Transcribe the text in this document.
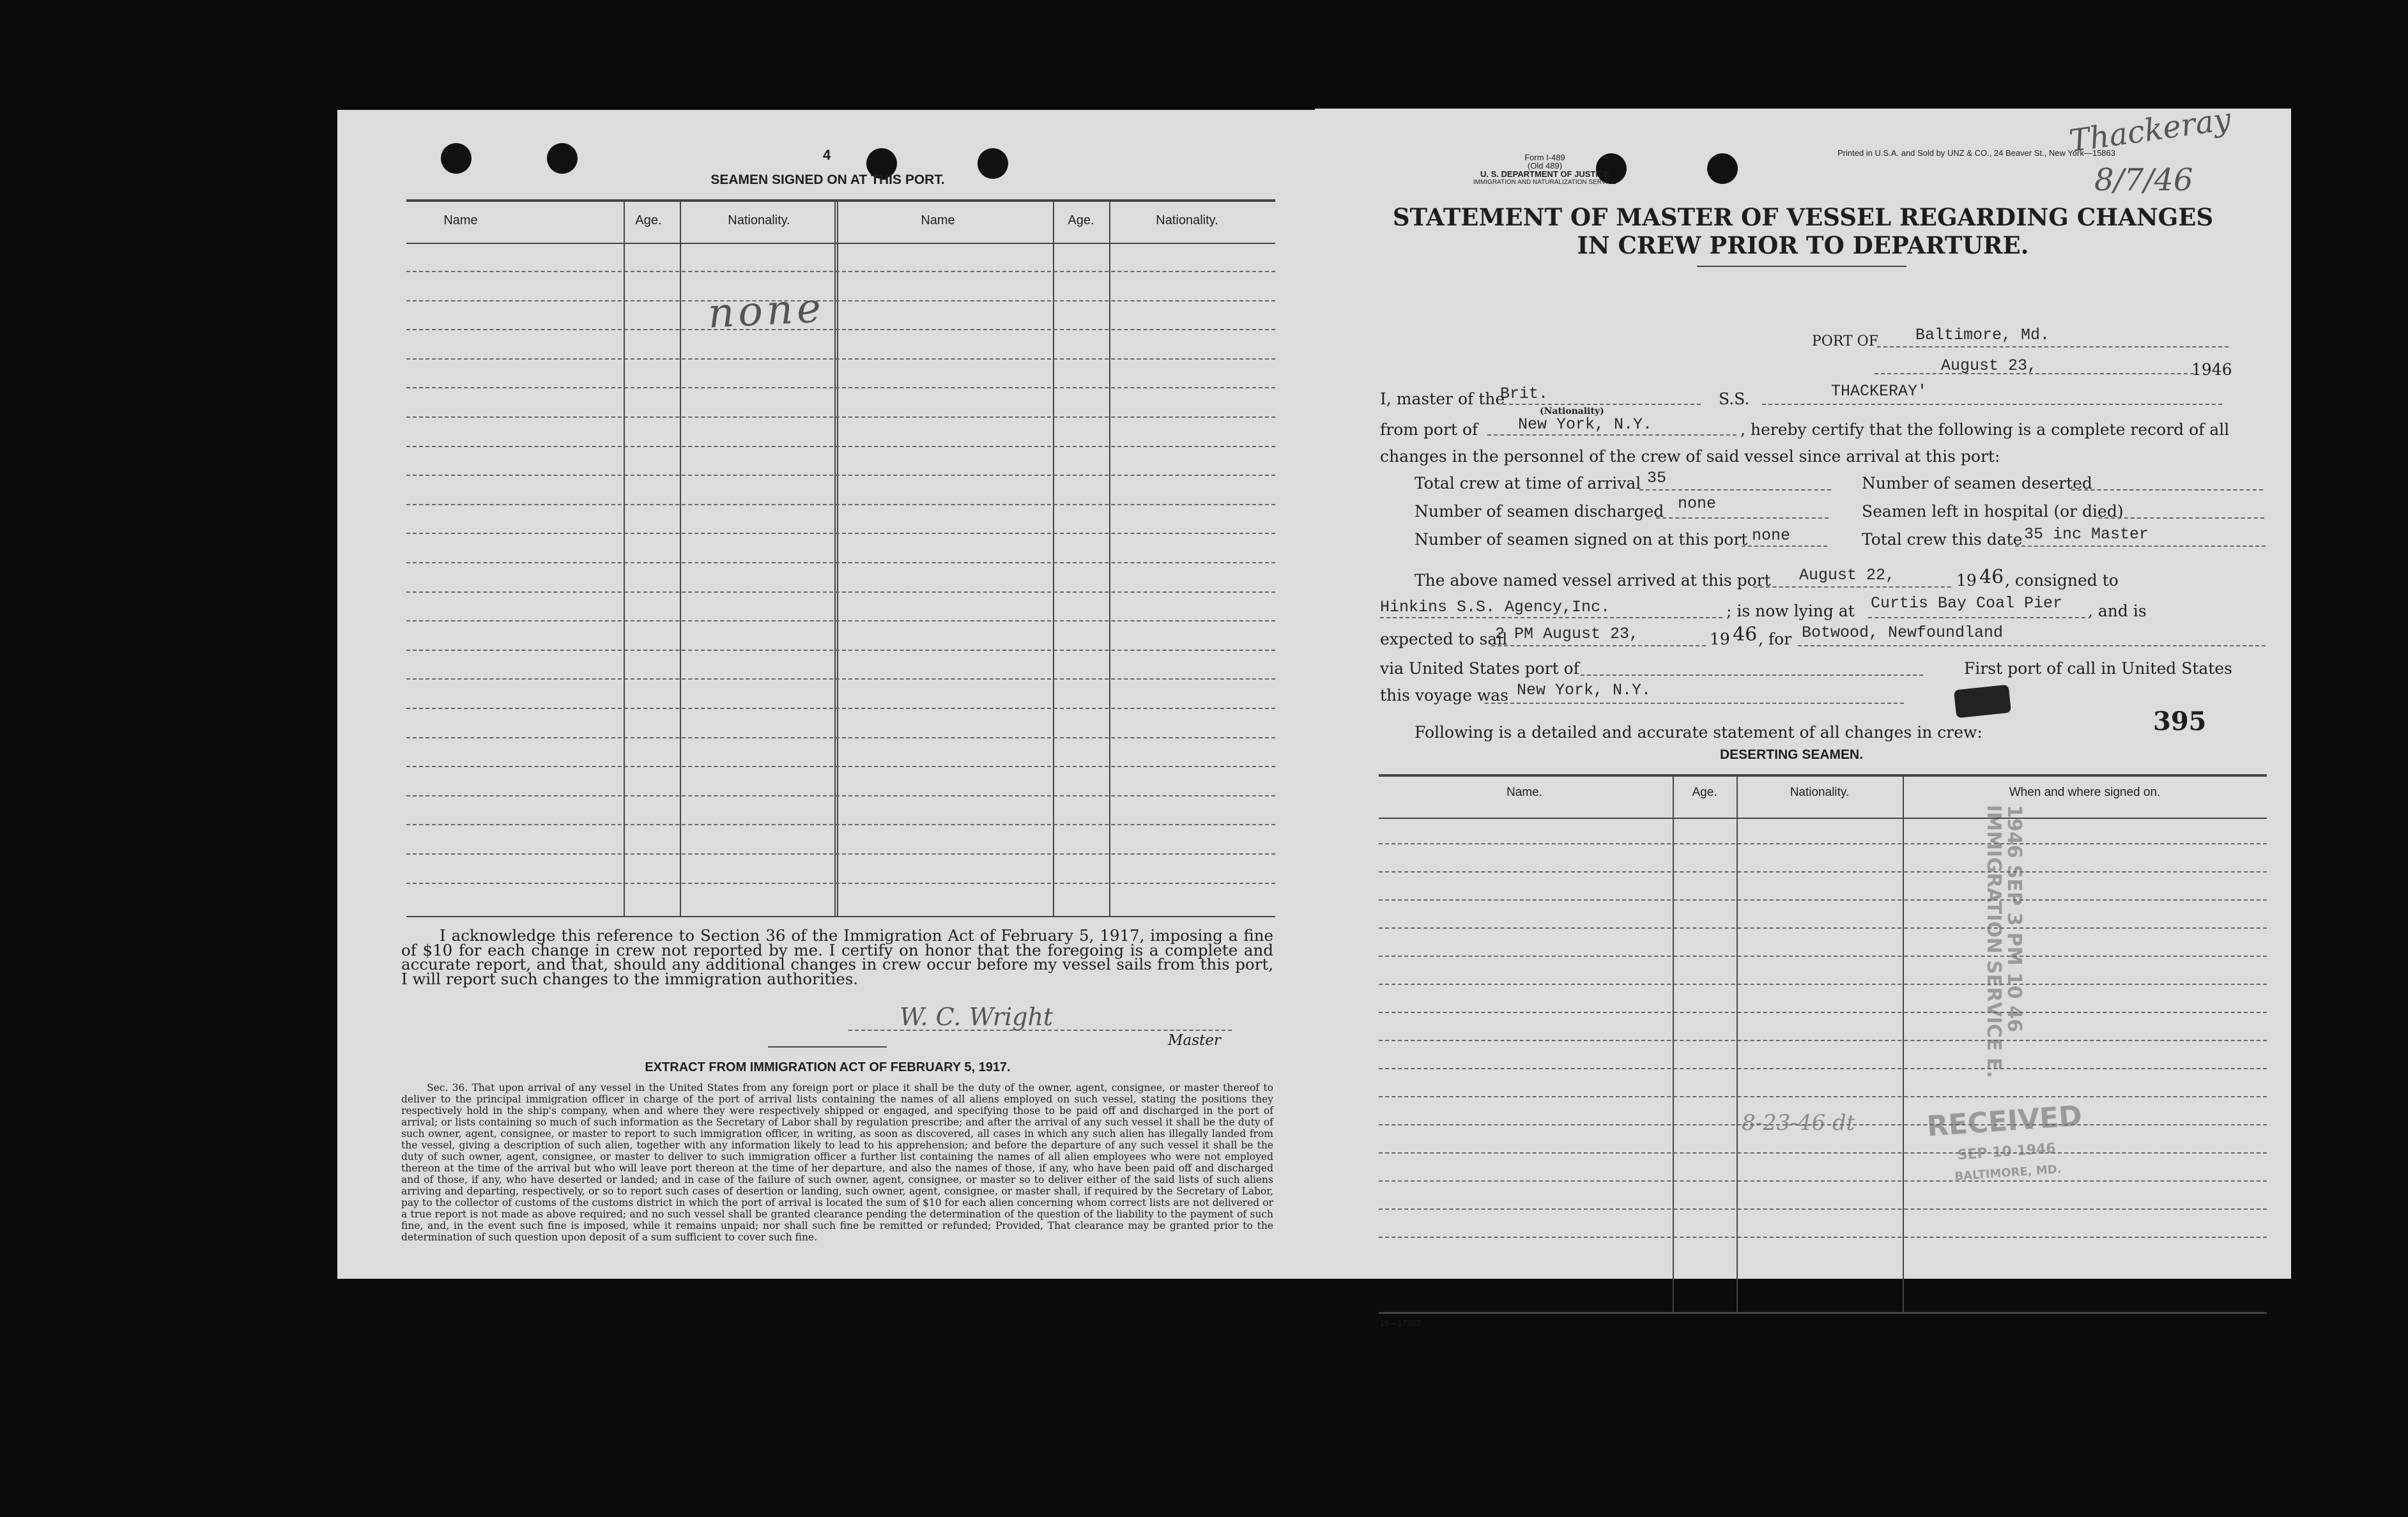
4
SEAMEN SIGNED ON AT THIS PORT.
Name	Age.	Nationality.	Name	Age.	Nationality.
none
I acknowledge this reference to Section 36 of the Immigration Act of February 5, 1917, imposing a fine of $10 for each change in crew not reported by me. I certify on honor that the foregoing is a complete and accurate report, and that, should any additional changes in crew occur before my vessel sails from this port, I will report such changes to the immigration authorities.
W. C. Wright
Master
EXTRACT FROM IMMIGRATION ACT OF FEBRUARY 5, 1917.
Sec. 36. That upon arrival of any vessel in the United States from any foreign port or place it shall be the duty of the owner, agent, consignee, or master thereof to deliver to the principal immigration officer in charge of the port of arrival lists containing the names of all aliens employed on such vessel, stating the positions they respectively hold in the ship's company, when and where they were respectively shipped or engaged, and specifying those to be paid off and discharged in the port of arrival; or lists containing so much of such information as the Secretary of Labor shall by regulation prescribe; and after the arrival of any such vessel it shall be the duty of such owner, agent, consignee, or master to report to such immigration officer, in writing, as soon as discovered, all cases in which any such alien has illegally landed from the vessel, giving a description of such alien, together with any information likely to lead to his apprehension; and before the departure of any such vessel it shall be the duty of such owner, agent, consignee, or master to deliver to such immigration officer a further list containing the names of all alien employees who were not employed thereon at the time of the arrival but who will leave port thereon at the time of her departure, and also the names of those, if any, who have been paid off and discharged and of those, if any, who have deserted or landed; and in case of the failure of such owner, agent, consignee, or master so to deliver either of the said lists of such aliens arriving and departing, respectively, or so to report such cases of desertion or landing, such owner, agent, consignee, or master shall, if required by the Secretary of Labor, pay to the collector of customs of the customs district in which the port of arrival is located the sum of $10 for each alien concerning whom correct lists are not delivered or a true report is not made as above required; and no such vessel shall be granted clearance pending the determination of the question of the liability to the payment of such fine, and, in the event such fine is imposed, while it remains unpaid; nor shall such fine be remitted or refunded; Provided, That clearance may be granted prior to the determination of such question upon deposit of a sum sufficient to cover such fine.
Form I-489
(Old 489)
U. S. DEPARTMENT OF JUSTICE
IMMIGRATION AND NATURALIZATION SERVICE
Printed in U.S.A. and Sold by UNZ & CO., 24 Beaver St., New York—15863
Thackeray
8/7/46
STATEMENT OF MASTER OF VESSEL REGARDING CHANGES
IN CREW PRIOR TO DEPARTURE.
PORT OF Baltimore, Md.
August 23,	1946
I, master of the
Brit.
(Nationality)
S.S.	THACKERAY'
from port of	New York, N.Y.	, hereby certify that the following is a complete record of all
changes in the personnel of the crew of said vessel since arrival at this port:
Total crew at time of arrival 35	Number of seamen deserted
Number of seamen discharged none	Seamen left in hospital (or died)
Number of seamen signed on at this port none	Total crew this date 35 inc Master
The above named vessel arrived at this port August 22,	19 46 , consigned to
Hinkins S.S. Agency,Inc.	; is now lying at Curtis Bay Coal Pier , and is
expected to sail
2 PM August 23,	19 46 , for Botwood, Newfoundland
via United States port of	First port of call in United States
this voyage was New York, N.Y.
395
Following is a detailed and accurate statement of all changes in crew:
DESERTING SEAMEN.
1946 SEP 3 PM 10 46
IMMIGRATION SERVICE E.
Name.	Age.	Nationality.	When and where signed on.
8-23-46 dt	RECEIVED
SEP 10 1946
BALTIMORE, MD.
16—17387
